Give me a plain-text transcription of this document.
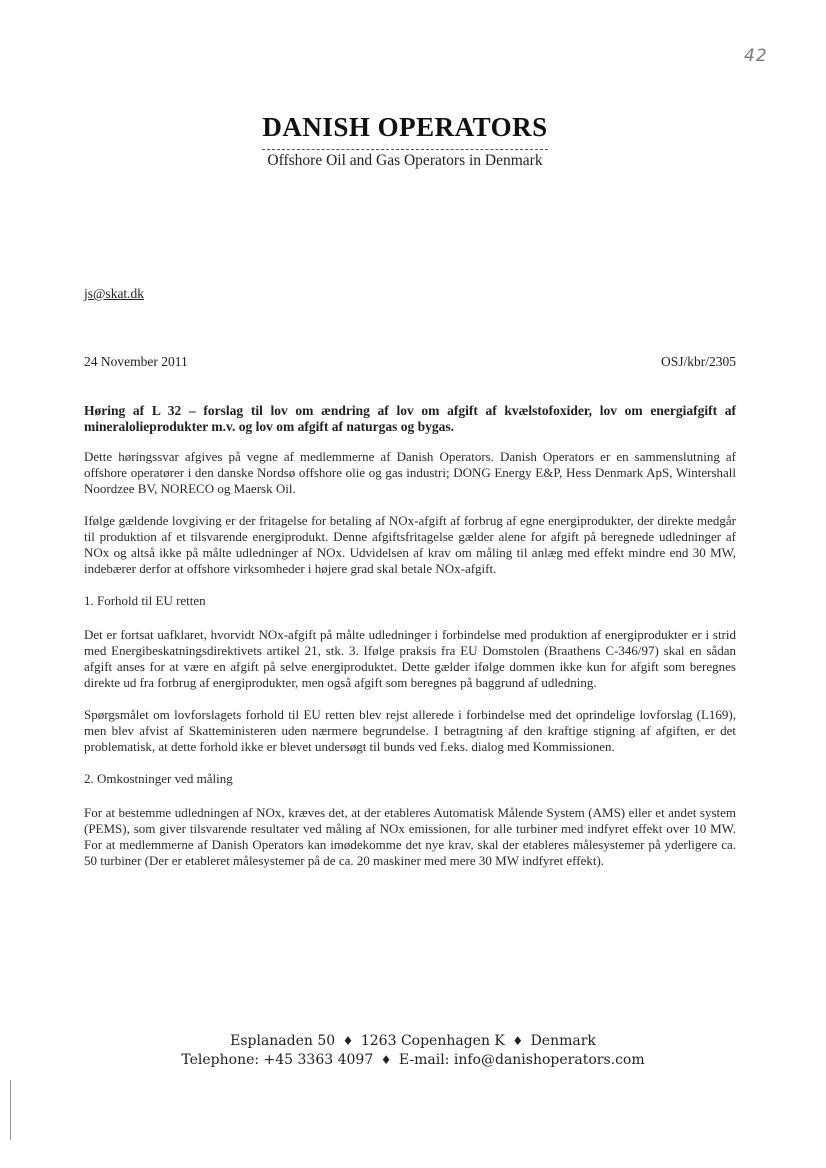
42
DANISH OPERATORS
Offshore Oil and Gas Operators in Denmark
js@skat.dk
24 November 2011	OSJ/kbr/2305

Høring af L 32 – forslag til lov om ændring af lov om afgift af kvælstofoxider, lov om energiafgift af mineralolieprodukter m.v. og lov om afgift af naturgas og bygas.

Dette høringssvar afgives på vegne af medlemmerne af Danish Operators. Danish Operators er en sammenslutning af offshore operatører i den danske Nordsø offshore olie og gas industri; DONG Energy E&P, Hess Denmark ApS, Wintershall Noordzee BV, NORECO og Maersk Oil.

Ifølge gældende lovgiving er der fritagelse for betaling af NOx-afgift af forbrug af egne energiprodukter, der direkte medgår til produktion af et tilsvarende energiprodukt. Denne afgiftsfritagelse gælder alene for afgift på beregnede udledninger af NOx og altså ikke på målte udledninger af NOx. Udvidelsen af krav om måling til anlæg med effekt mindre end 30 MW, indebærer derfor at offshore virksomheder i højere grad skal betale NOx-afgift.

1. Forhold til EU retten

Det er fortsat uafklaret, hvorvidt NOx-afgift på målte udledninger i forbindelse med produktion af energiprodukter er i strid med Energibeskatningsdirektivets artikel 21, stk. 3. Ifølge praksis fra EU Domstolen (Braathens C-346/97) skal en sådan afgift anses for at være en afgift på selve energiproduktet. Dette gælder ifølge dommen ikke kun for afgift som beregnes direkte ud fra forbrug af energiprodukter, men også afgift som beregnes på baggrund af udledning.

Spørgsmålet om lovforslagets forhold til EU retten blev rejst allerede i forbindelse med det oprindelige lovforslag (L169), men blev afvist af Skatteministeren uden nærmere begrundelse. I betragtning af den kraftige stigning af afgiften, er det problematisk, at dette forhold ikke er blevet undersøgt til bunds ved f.eks. dialog med Kommissionen.

2. Omkostninger ved måling

For at bestemme udledningen af NOx, kræves det, at der etableres Automatisk Målende System (AMS) eller et andet system (PEMS), som giver tilsvarende resultater ved måling af NOx emissionen, for alle turbiner med indfyret effekt over 10 MW. For at medlemmerne af Danish Operators kan imødekomme det nye krav, skal der etableres målesystemer på yderligere ca. 50 turbiner (Der er etableret målesystemer på de ca. 20 maskiner med mere 30 MW indfyret effekt).

Esplanaden 50 ♦ 1263 Copenhagen K ♦ Denmark
Telephone: +45 3363 4097 ♦ E-mail: info@danishoperators.com
